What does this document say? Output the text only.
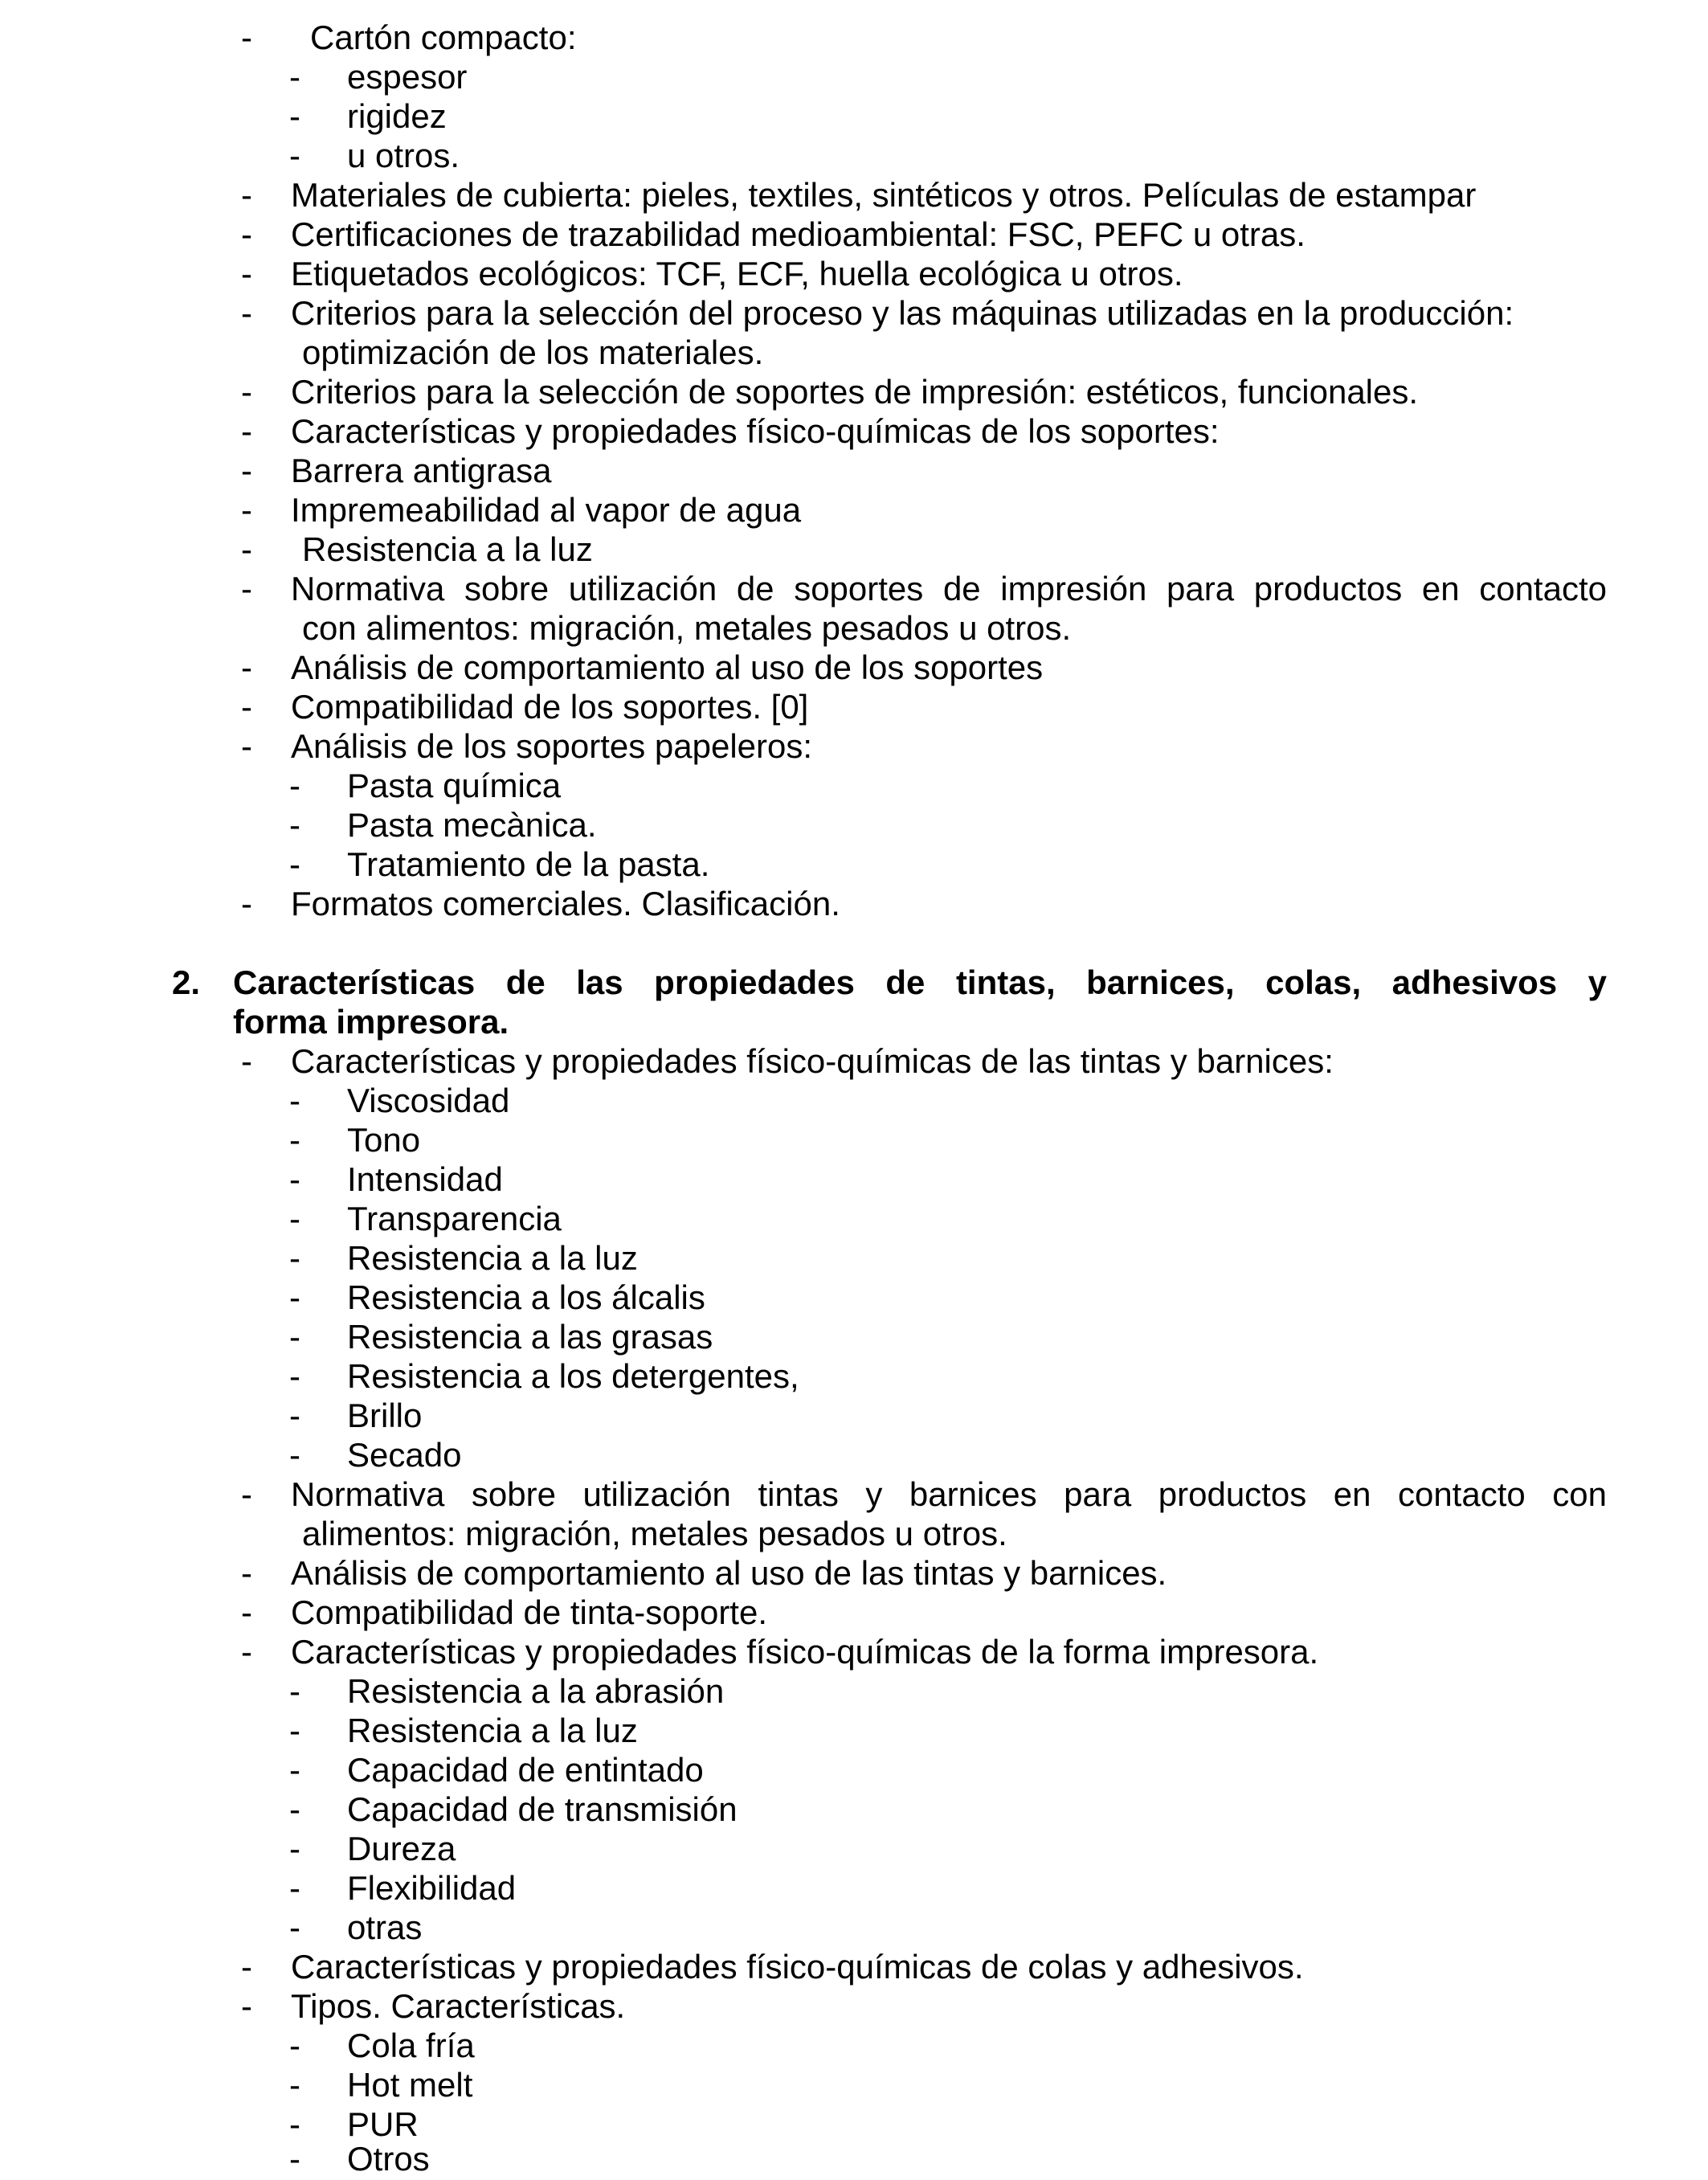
- Cartón compacto:
- espesor
- rigidez
- u otros.
- Materiales de cubierta: pieles, textiles, sintéticos y otros. Películas de estampar
- Certificaciones de trazabilidad medioambiental: FSC, PEFC u otras.
- Etiquetados ecológicos: TCF, ECF, huella ecológica u otros.
- Criterios para la selección del proceso y las máquinas utilizadas en la producción:
optimización de los materiales.
- Criterios para la selección de soportes de impresión: estéticos, funcionales.
- Características y propiedades físico-químicas de los soportes:
- Barrera antigrasa
- Impremeabilidad al vapor de agua
- Resistencia a la luz
- Normativa sobre utilización de soportes de impresión para productos en contacto
con alimentos: migración, metales pesados u otros.
- Análisis de comportamiento al uso de los soportes
- Compatibilidad de los soportes. [0]
- Análisis de los soportes papeleros:
- Pasta química
- Pasta mecànica.
- Tratamiento de la pasta.
- Formatos comerciales. Clasificación.
2. Características de las propiedades de tintas, barnices, colas, adhesivos y
forma impresora.
- Características y propiedades físico-químicas de las tintas y barnices:
- Viscosidad
- Tono
- Intensidad
- Transparencia
- Resistencia a la luz
- Resistencia a los álcalis
- Resistencia a las grasas
- Resistencia a los detergentes,
- Brillo
- Secado
- Normativa sobre utilización tintas y barnices para productos en contacto con
alimentos: migración, metales pesados u otros.
- Análisis de comportamiento al uso de las tintas y barnices.
- Compatibilidad de tinta-soporte.
- Características y propiedades físico-químicas de la forma impresora.
- Resistencia a la abrasión
- Resistencia a la luz
- Capacidad de entintado
- Capacidad de transmisión
- Dureza
- Flexibilidad
- otras
- Características y propiedades físico-químicas de colas y adhesivos.
- Tipos. Características.
- Cola fría
- Hot melt
- PUR
- Otros
